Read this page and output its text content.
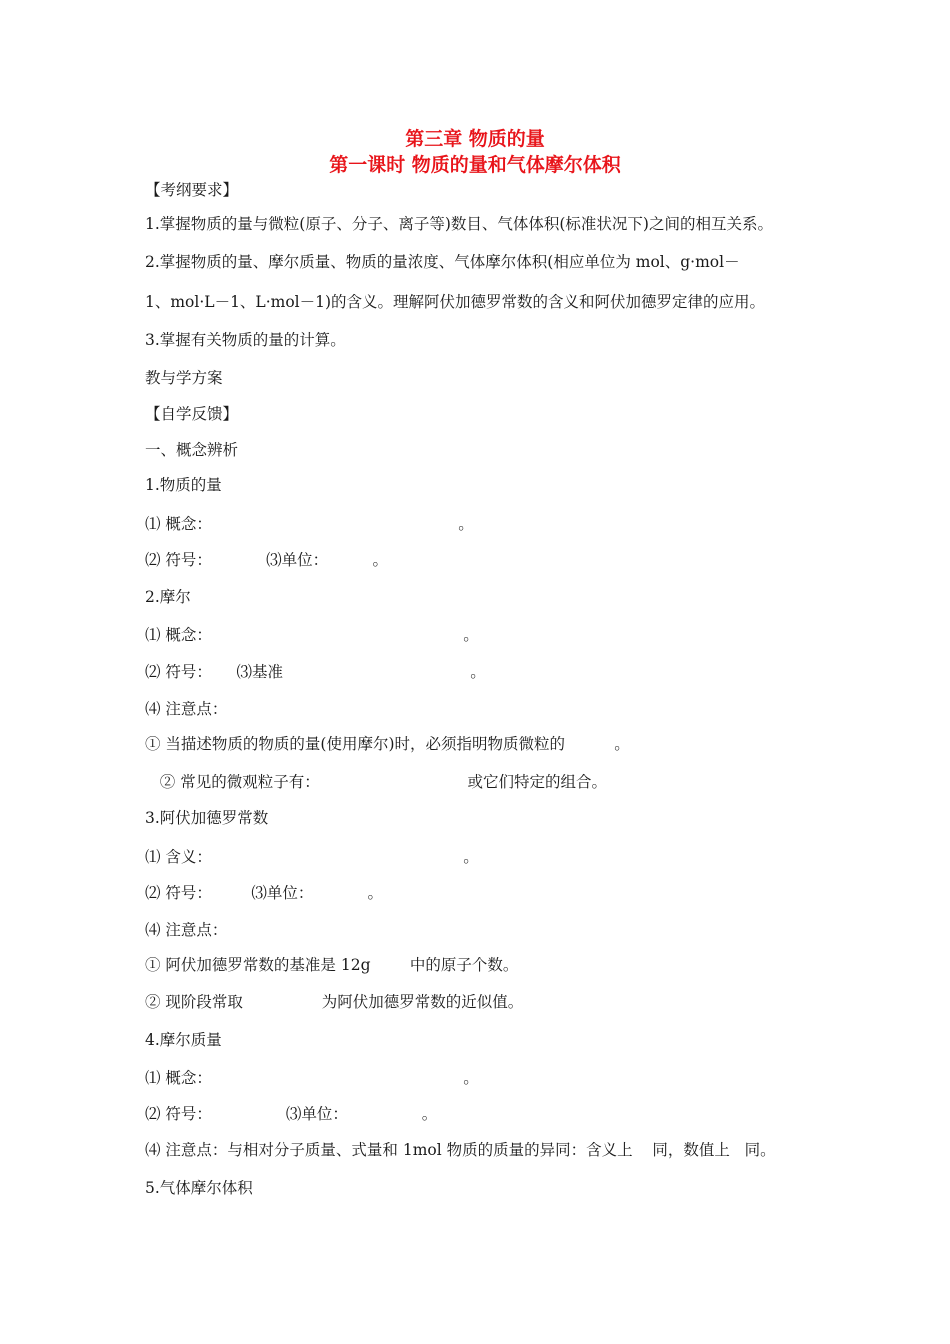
第三章 物质的量
第一课时 物质的量和气体摩尔体积
【考纲要求】
1.掌握物质的量与微粒(原子、分子、离子等)数目、气体体积(标准状况下)之间的相互关系。
2.掌握物质的量、摩尔质量、物质的量浓度、气体摩尔体积(相应单位为 mol、g·mol－
1、mol·L－1、L·mol－1)的含义。理解阿伏加德罗常数的含义和阿伏加德罗定律的应用。
3.掌握有关物质的量的计算。
教与学方案
【自学反馈】
一、概念辨析
1.物质的量
⑴ 概念：                                                  。
⑵ 符号：           ⑶单位：         。
2.摩尔
⑴ 概念：                                                   。
⑵ 符号：     ⑶基准                                      。
⑷ 注意点：
① 当描述物质的物质的量(使用摩尔)时，必须指明物质微粒的          。
② 常见的微观粒子有：                              或它们特定的组合。
3.阿伏加德罗常数
⑴ 含义：                                                   。
⑵ 符号：        ⑶单位：           。
⑷ 注意点：
① 阿伏加德罗常数的基准是 12g        中的原子个数。
② 现阶段常取                为阿伏加德罗常数的近似值。
4.摩尔质量
⑴ 概念：                                                   。
⑵ 符号：               ⑶单位：               。
⑷ 注意点：与相对分子质量、式量和 1mol 物质的质量的异同：含义上    同，数值上   同。
5.气体摩尔体积
